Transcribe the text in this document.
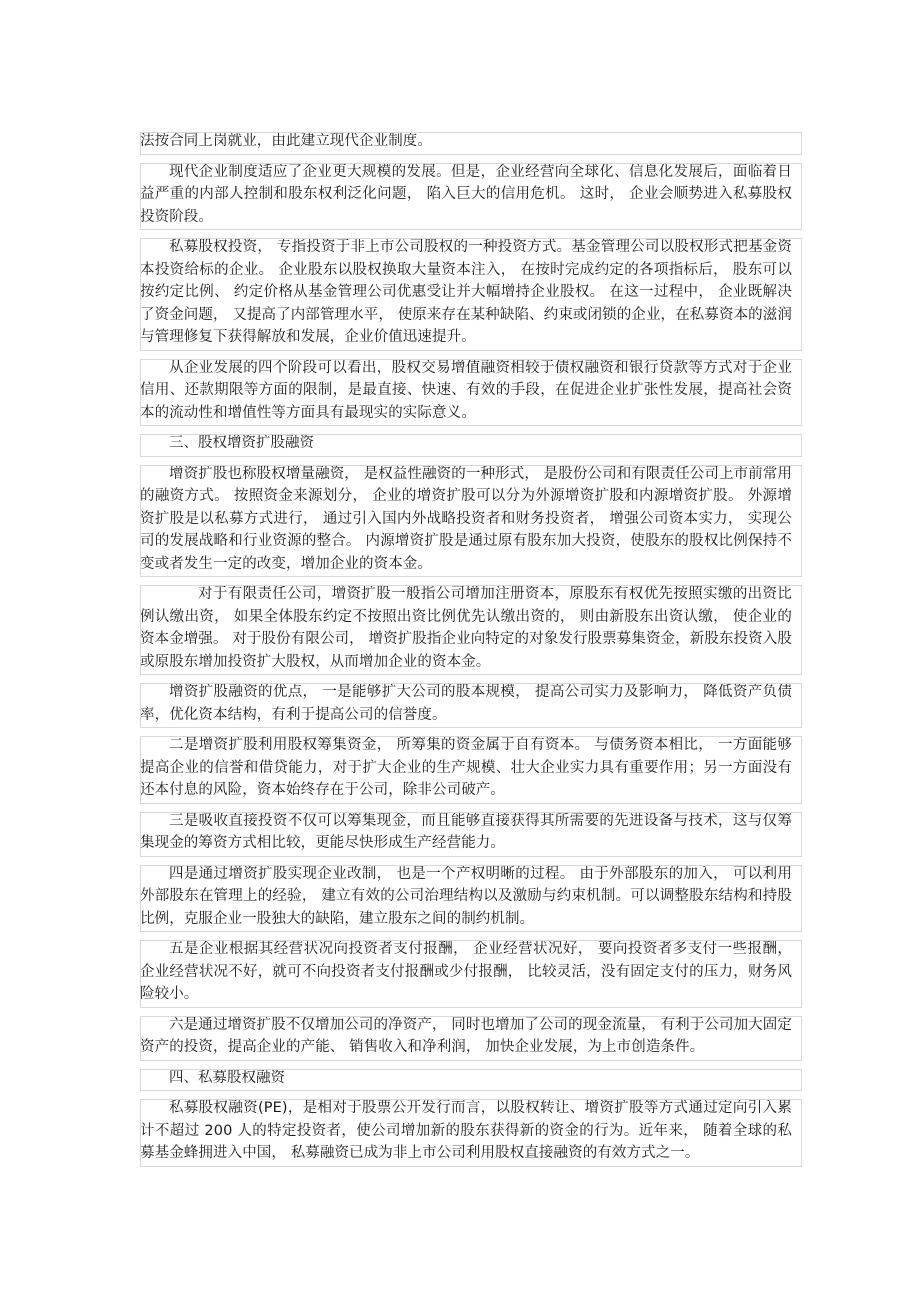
法按合同上岗就业，由此建立现代企业制度。

现代企业制度适应了企业更大规模的发展。但是，企业经营向全球化、信息化发展后，面临着日益严重的内部人控制和股东权利泛化问题， 陷入巨大的信用危机。 这时， 企业会顺势进入私募股权投资阶段。

私募股权投资， 专指投资于非上市公司股权的一种投资方式。基金管理公司以股权形式把基金资本投资给标的企业。 企业股东以股权换取大量资本注入， 在按时完成约定的各项指标后， 股东可以按约定比例、 约定价格从基金管理公司优惠受让并大幅增持企业股权。 在这一过程中， 企业既解决了资金问题， 又提高了内部管理水平， 使原来存在某种缺陷、约束或闭锁的企业，在私募资本的滋润与管理修复下获得解放和发展，企业价值迅速提升。

从企业发展的四个阶段可以看出，股权交易增值融资相较于债权融资和银行贷款等方式对于企业信用、还款期限等方面的限制，是最直接、快速、有效的手段，在促进企业扩张性发展，提高社会资本的流动性和增值性等方面具有最现实的实际意义。

三、股权增资扩股融资

增资扩股也称股权增量融资， 是权益性融资的一种形式， 是股份公司和有限责任公司上市前常用的融资方式。 按照资金来源划分， 企业的增资扩股可以分为外源增资扩股和内源增资扩股。 外源增资扩股是以私募方式进行， 通过引入国内外战略投资者和财务投资者， 增强公司资本实力， 实现公司的发展战略和行业资源的整合。 内源增资扩股是通过原有股东加大投资，使股东的股权比例保持不变或者发生一定的改变，增加企业的资本金。

对于有限责任公司，增资扩股一般指公司增加注册资本，原股东有权优先按照实缴的出资比例认缴出资， 如果全体股东约定不按照出资比例优先认缴出资的， 则由新股东出资认缴， 使企业的资本金增强。 对于股份有限公司， 增资扩股指企业向特定的对象发行股票募集资金，新股东投资入股或原股东增加投资扩大股权，从而增加企业的资本金。

增资扩股融资的优点， 一是能够扩大公司的股本规模， 提高公司实力及影响力， 降低资产负债率，优化资本结构，有利于提高公司的信誉度。

二是增资扩股利用股权筹集资金， 所筹集的资金属于自有资本。 与债务资本相比， 一方面能够提高企业的信誉和借贷能力，对于扩大企业的生产规模、壮大企业实力具有重要作用；另一方面没有还本付息的风险，资本始终存在于公司，除非公司破产。

三是吸收直接投资不仅可以筹集现金，而且能够直接获得其所需要的先进设备与技术，这与仅筹集现金的筹资方式相比较，更能尽快形成生产经营能力。

四是通过增资扩股实现企业改制， 也是一个产权明晰的过程。 由于外部股东的加入， 可以利用外部股东在管理上的经验， 建立有效的公司治理结构以及激励与约束机制。可以调整股东结构和持股比例，克服企业一股独大的缺陷，建立股东之间的制约机制。

五是企业根据其经营状况向投资者支付报酬， 企业经营状况好， 要向投资者多支付一些报酬， 企业经营状况不好，就可不向投资者支付报酬或少付报酬， 比较灵活，没有固定支付的压力，财务风险较小。

六是通过增资扩股不仅增加公司的净资产， 同时也增加了公司的现金流量， 有利于公司加大固定资产的投资，提高企业的产能、 销售收入和净利润， 加快企业发展，为上市创造条件。

四、私募股权融资

私募股权融资(PE)，是相对于股票公开发行而言，以股权转让、增资扩股等方式通过定向引入累计不超过 200 人的特定投资者，使公司增加新的股东获得新的资金的行为。近年来， 随着全球的私募基金蜂拥进入中国， 私募融资已成为非上市公司利用股权直接融资的有效方式之一。
